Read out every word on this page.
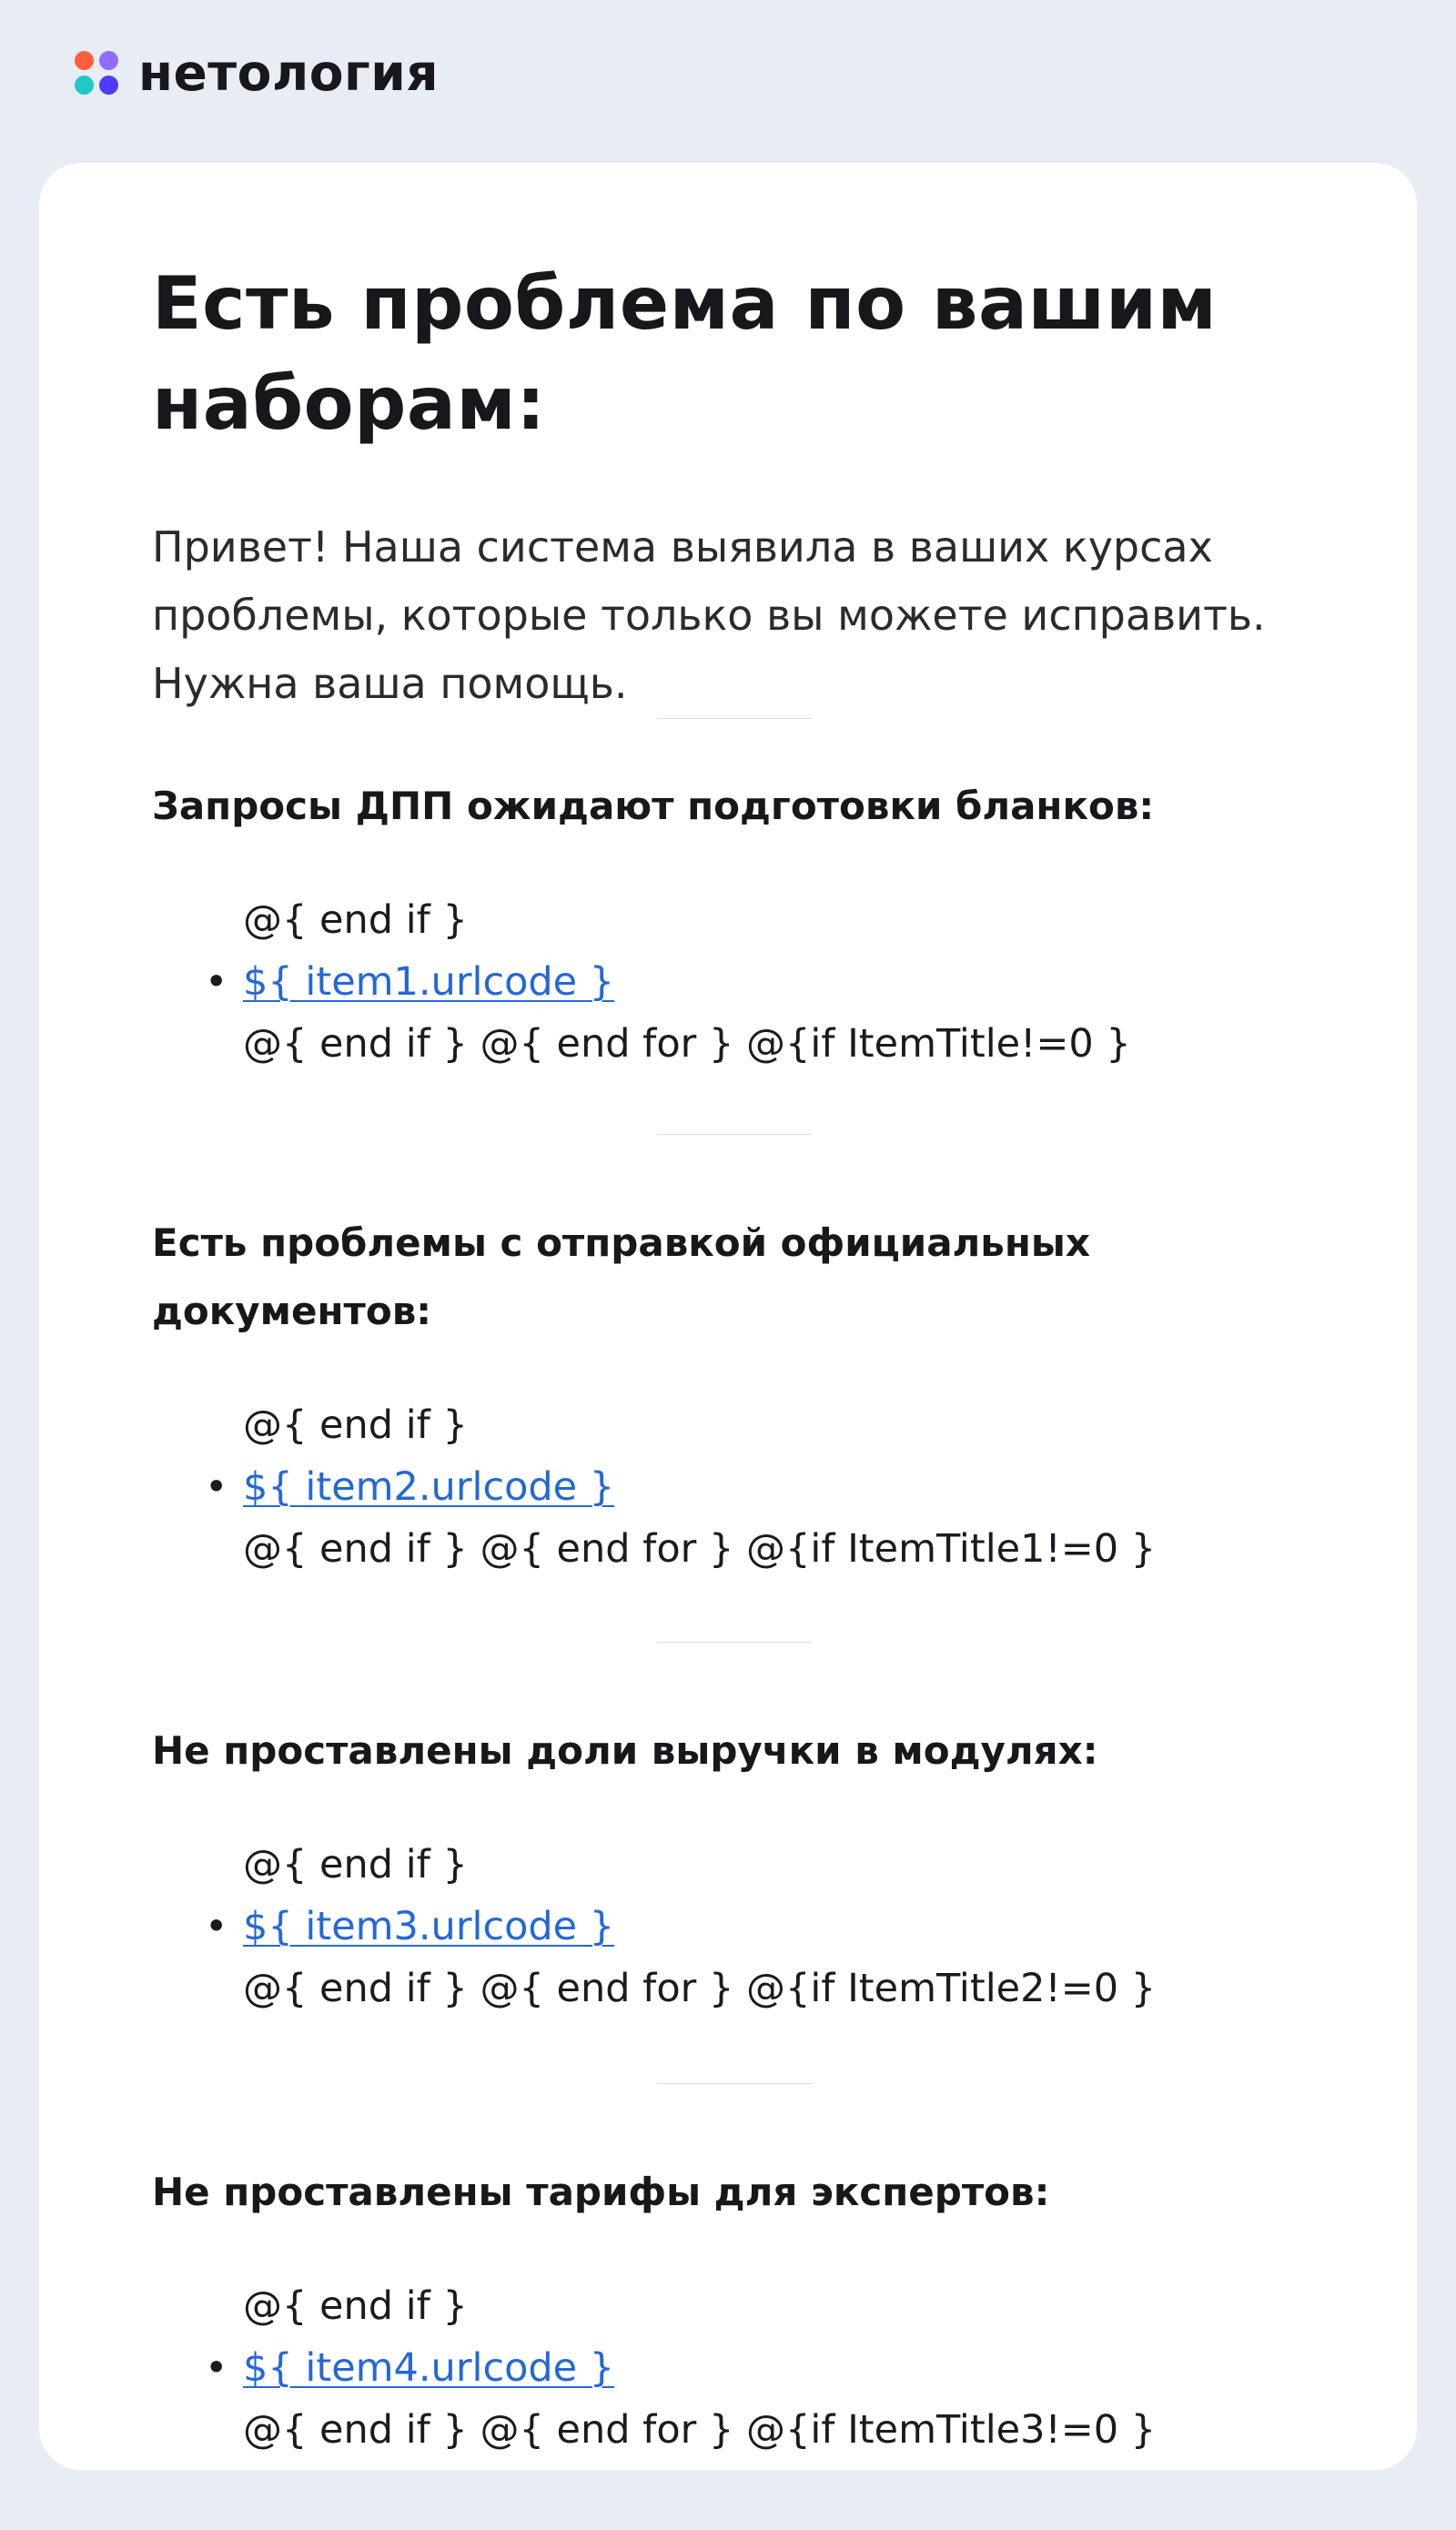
нетология
Есть проблема по вашим наборам:

Привет! Наша система выявила в ваших курсах проблемы, которые только вы можете исправить. Нужна ваша помощь.

Запросы ДПП ожидают подготовки бланков:
@{ end if }
• ${ item1.urlcode }
@{ end if } @{ end for } @{if ItemTitle!=0 }
Есть проблемы с отправкой официальных документов:
@{ end if }
• ${ item2.urlcode }
@{ end if } @{ end for } @{if ItemTitle1!=0 }
Не проставлены доли выручки в модулях:
@{ end if }
• ${ item3.urlcode }
@{ end if } @{ end for } @{if ItemTitle2!=0 }
Не проставлены тарифы для экспертов:
@{ end if }
• ${ item4.urlcode }
@{ end if } @{ end for } @{if ItemTitle3!=0 }
